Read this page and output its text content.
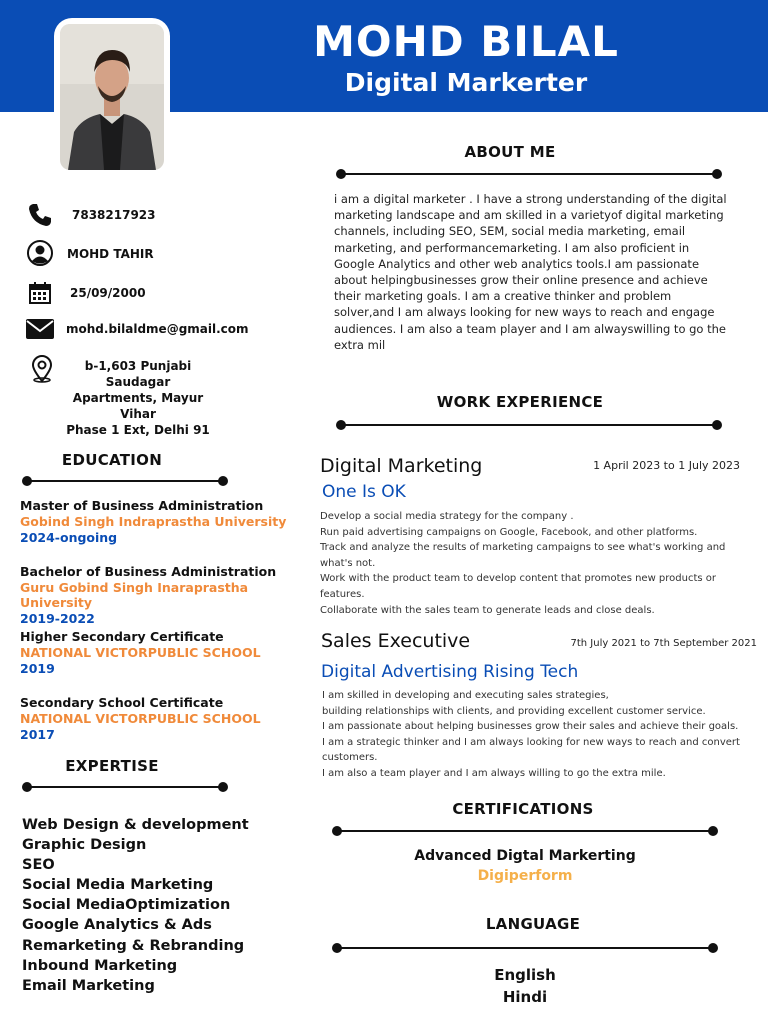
MOHD BILAL
Digital Markerter
7838217923
MOHD TAHIR
25/09/2000
mohd.bilaldme@gmail.com
b-1,603 Punjabi Saudagar
Apartments, Mayur Vihar
Phase 1 Ext, Delhi 91
ABOUT ME
i am a digital marketer . I have a strong understanding of the digital
marketing landscape and am skilled in a varietyof digital marketing
channels, including SEO, SEM, social media marketing, email
marketing, and performancemarketing. I am also proficient in
Google Analytics and other web analytics tools.I am passionate
about helpingbusinesses grow their online presence and achieve
their marketing goals. I am a creative thinker and problem
solver,and I am always looking for new ways to reach and engage
audiences. I am also a team player and I am alwayswilling to go the
extra mil
WORK EXPERIENCE
Digital Marketing	1 April 2023 to 1 July 2023
One Is OK
Develop a social media strategy for the company .
Run paid advertising campaigns on Google, Facebook, and other platforms.
Track and analyze the results of marketing campaigns to see what's working and
what's not.
Work with the product team to develop content that promotes new products or
features.
Collaborate with the sales team to generate leads and close deals.
Sales Executive	7th July 2021 to 7th September 2021
Digital Advertising Rising Tech
I am skilled in developing and executing sales strategies,
building relationships with clients, and providing excellent customer service.
I am passionate about helping businesses grow their sales and achieve their goals.
I am a strategic thinker and I am always looking for new ways to reach and convert
customers.
I am also a team player and I am always willing to go the extra mile.
EDUCATION
Master of Business Administration
Gobind Singh Indraprastha University
2024-ongoing
Bachelor of Business Administration
Guru Gobind Singh Inaraprastha University
2019-2022
Higher Secondary Certificate
NATIONAL VICTORPUBLIC SCHOOL
2019
Secondary School Certificate
NATIONAL VICTORPUBLIC SCHOOL
2017
EXPERTISE
Web Design & development
Graphic Design
SEO
Social Media Marketing
Social MediaOptimization
Google Analytics & Ads
Remarketing & Rebranding
Inbound Marketing
Email Marketing
CERTIFICATIONS
Advanced Digtal Markerting
Digiperform
LANGUAGE
English
Hindi
